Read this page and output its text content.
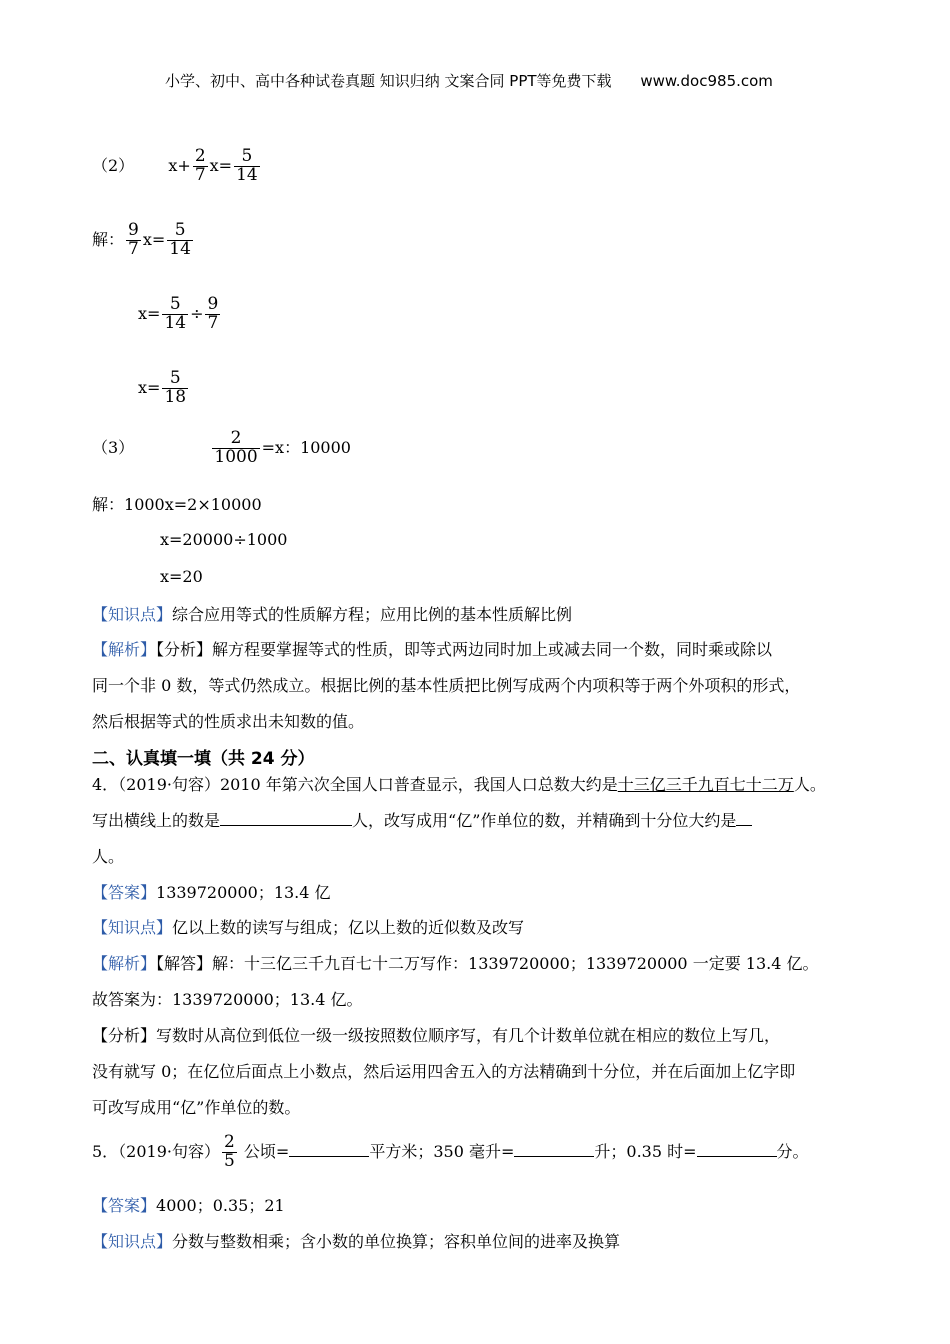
小学、初中、高中各种试卷真题 知识归纳 文案合同 PPT等免费下载 www.doc985.com
（2） $x+ \frac{2}{7} x= \frac{5}{14}$
解： $\frac{9}{7} x= \frac{5}{14}$
$x= \frac{5}{14} \div \frac{9}{7}$
$x= \frac{5}{18}$
（3）	$\frac{2}{1000} =x$：10000
解：1000x=2×10000
x=20000÷1000
x=20
【知识点】综合应用等式的性质解方程；应用比例的基本性质解比例
【解析】【分析】解方程要掌握等式的性质，即等式两边同时加上或减去同一个数，同时乘或除以
同一个非 0 数，等式仍然成立。根据比例的基本性质把比例写成两个内项积等于两个外项积的形式，
然后根据等式的性质求出未知数的值。
二、认真填一填（共 24 分）
4．（2019·句容）2010 年第六次全国人口普查显示，我国人口总数大约是十三亿三千九百七十二万人。
写出横线上的数是	人，改写成用“亿”作单位的数，并精确到十分位大约是
人。
【答案】1339720000；13.4 亿
【知识点】亿以上数的读写与组成；亿以上数的近似数及改写
【解析】【解答】解：十三亿三千九百七十二万写作：1339720000；1339720000 一定要 13.4 亿。
故答案为：1339720000；13.4 亿。
【分析】写数时从高位到低位一级一级按照数位顺序写，有几个计数单位就在相应的数位上写几，
没有就写 0；在亿位后面点上小数点，然后运用四舍五入的方法精确到十分位，并在后面加上亿字即
可改写成用“亿”作单位的数。
5．（2019·句容） $\frac{2}{5}$ 公顷=	平方米；350 毫升=	升；0.35 时=	分。
【答案】4000；0.35；21
【知识点】分数与整数相乘；含小数的单位换算；容积单位间的进率及换算
